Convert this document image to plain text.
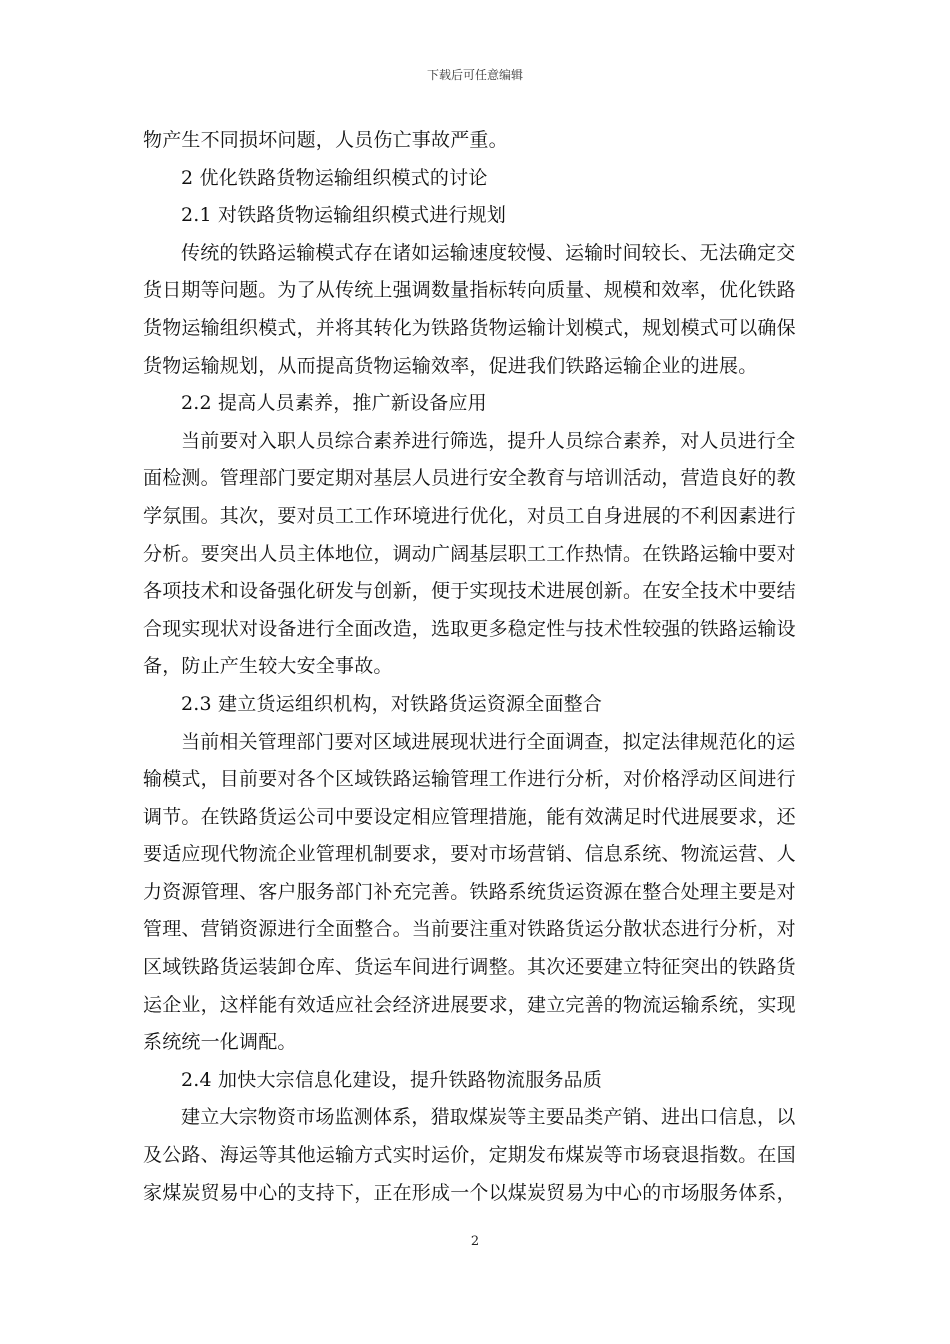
下载后可任意编辑
物产生不同损坏问题，人员伤亡事故严重。
2 优化铁路货物运输组织模式的讨论
2.1 对铁路货物运输组织模式进行规划
传统的铁路运输模式存在诸如运输速度较慢、运输时间较长、无法确定交
货日期等问题。为了从传统上强调数量指标转向质量、规模和效率，优化铁路
货物运输组织模式，并将其转化为铁路货物运输计划模式，规划模式可以确保
货物运输规划，从而提高货物运输效率，促进我们铁路运输企业的进展。
2.2 提高人员素养，推广新设备应用
当前要对入职人员综合素养进行筛选，提升人员综合素养，对人员进行全
面检测。管理部门要定期对基层人员进行安全教育与培训活动，营造良好的教
学氛围。其次，要对员工工作环境进行优化，对员工自身进展的不利因素进行
分析。要突出人员主体地位，调动广阔基层职工工作热情。在铁路运输中要对
各项技术和设备强化研发与创新，便于实现技术进展创新。在安全技术中要结
合现实现状对设备进行全面改造，选取更多稳定性与技术性较强的铁路运输设
备，防止产生较大安全事故。
2.3 建立货运组织机构，对铁路货运资源全面整合
当前相关管理部门要对区域进展现状进行全面调查，拟定法律规范化的运
输模式，目前要对各个区域铁路运输管理工作进行分析，对价格浮动区间进行
调节。在铁路货运公司中要设定相应管理措施，能有效满足时代进展要求，还
要适应现代物流企业管理机制要求，要对市场营销、信息系统、物流运营、人
力资源管理、客户服务部门补充完善。铁路系统货运资源在整合处理主要是对
管理、营销资源进行全面整合。当前要注重对铁路货运分散状态进行分析，对
区域铁路货运装卸仓库、货运车间进行调整。其次还要建立特征突出的铁路货
运企业，这样能有效适应社会经济进展要求，建立完善的物流运输系统，实现
系统统一化调配。
2.4 加快大宗信息化建设，提升铁路物流服务品质
建立大宗物资市场监测体系，猎取煤炭等主要品类产销、进出口信息，以
及公路、海运等其他运输方式实时运价，定期发布煤炭等市场衰退指数。在国
家煤炭贸易中心的支持下，正在形成一个以煤炭贸易为中心的市场服务体系，
2
